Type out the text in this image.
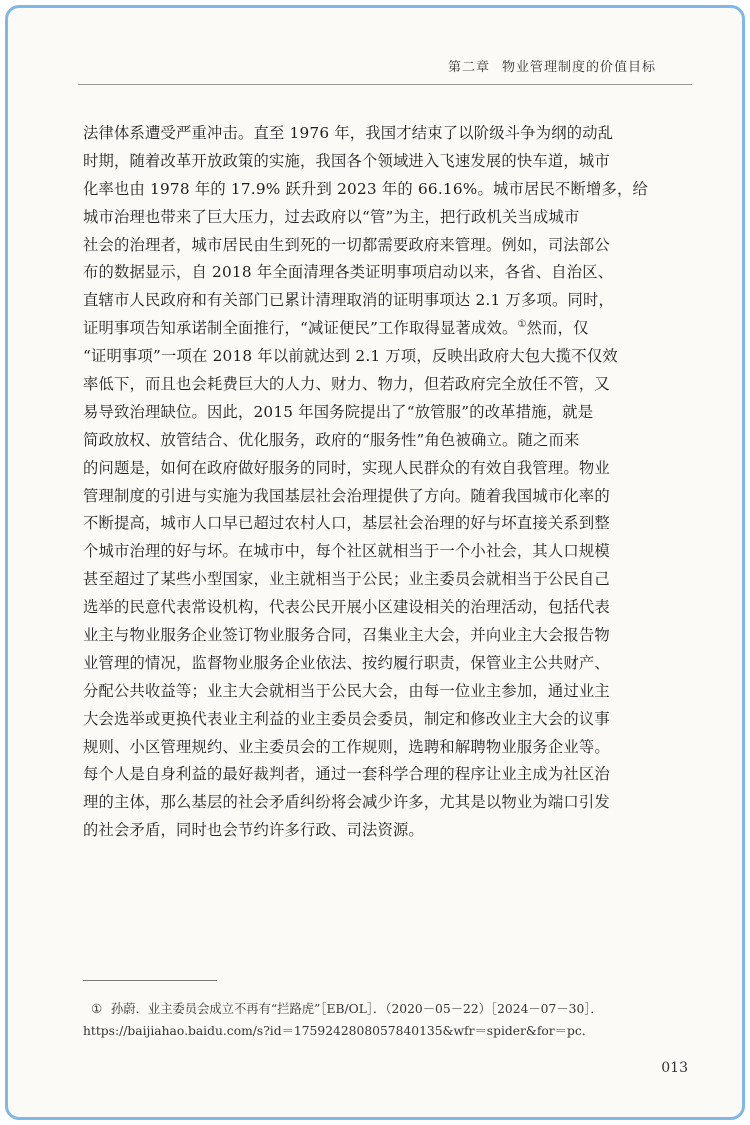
第二章 物业管理制度的价值目标
法律体系遭受严重冲击。直至 1976 年，我国才结束了以阶级斗争为纲的动乱
时期，随着改革开放政策的实施，我国各个领域进入飞速发展的快车道，城市
化率也由 1978 年的 17.9% 跃升到 2023 年的 66.16%。城市居民不断增多，给
城市治理也带来了巨大压力，过去政府以“管”为主，把行政机关当成城市
社会的治理者，城市居民由生到死的一切都需要政府来管理。例如，司法部公
布的数据显示，自 2018 年全面清理各类证明事项启动以来，各省、自治区、
直辖市人民政府和有关部门已累计清理取消的证明事项达 2.1 万多项。同时，
证明事项告知承诺制全面推行，“减证便民”工作取得显著成效。①然而，仅
“证明事项”一项在 2018 年以前就达到 2.1 万项，反映出政府大包大揽不仅效
率低下，而且也会耗费巨大的人力、财力、物力，但若政府完全放任不管，又
易导致治理缺位。因此，2015 年国务院提出了“放管服”的改革措施，就是
简政放权、放管结合、优化服务，政府的“服务性”角色被确立。随之而来
的问题是，如何在政府做好服务的同时，实现人民群众的有效自我管理。物业
管理制度的引进与实施为我国基层社会治理提供了方向。随着我国城市化率的
不断提高，城市人口早已超过农村人口，基层社会治理的好与坏直接关系到整
个城市治理的好与坏。在城市中，每个社区就相当于一个小社会，其人口规模
甚至超过了某些小型国家，业主就相当于公民；业主委员会就相当于公民自己
选举的民意代表常设机构，代表公民开展小区建设相关的治理活动，包括代表
业主与物业服务企业签订物业服务合同，召集业主大会，并向业主大会报告物
业管理的情况，监督物业服务企业依法、按约履行职责，保管业主公共财产、
分配公共收益等；业主大会就相当于公民大会，由每一位业主参加，通过业主
大会选举或更换代表业主利益的业主委员会委员，制定和修改业主大会的议事
规则、小区管理规约、业主委员会的工作规则，选聘和解聘物业服务企业等。
每个人是自身利益的最好裁判者，通过一套科学合理的程序让业主成为社区治
理的主体，那么基层的社会矛盾纠纷将会减少许多，尤其是以物业为端口引发
的社会矛盾，同时也会节约许多行政、司法资源。
① 孙蔚．业主委员会成立不再有“拦路虎”［EB/OL］．（2020－05－22）［2024－07－30］．
https://baijiahao.baidu.com/s?id＝1759242808057840135&wfr＝spider&for＝pc．
013
